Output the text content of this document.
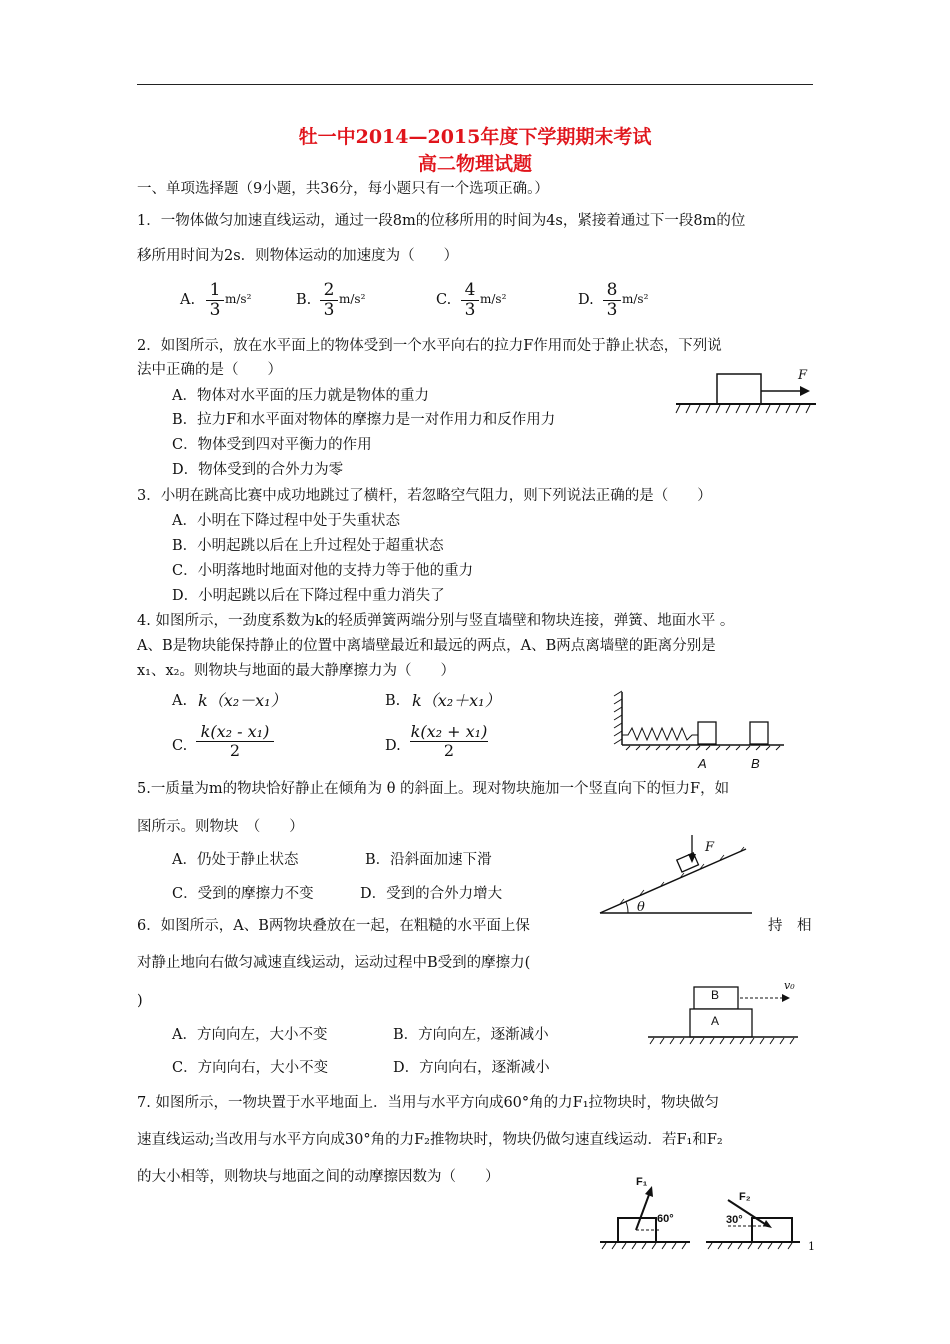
牡一中2014—2015年度下学期期末考试
高二物理试题
一、单项选择题（9小题，共36分，每小题只有一个选项正确。）
1．一物体做匀加速直线运动，通过一段8m的位移所用的时间为4s，紧接着通过下一段8m的位
移所用时间为2s．则物体运动的加速度为（　　）
A. $\frac{1}{3} m/s^2$	B. $\frac{2}{3} m/s^2$	C. $\frac{4}{3} m/s^2$	D. $\frac{8}{3} m/s^2$
2．如图所示，放在水平面上的物体受到一个水平向右的拉力F作用而处于静止状态，下列说
法中正确的是（　　）
A．物体对水平面的压力就是物体的重力
B．拉力F和水平面对物体的摩擦力是一对作用力和反作用力
C．物体受到四对平衡力的作用
D．物体受到的合外力为零
F
3．小明在跳高比赛中成功地跳过了横杆，若忽略空气阻力，则下列说法正确的是（　　）
A．小明在下降过程中处于失重状态
B．小明起跳以后在上升过程处于超重状态
C．小明落地时地面对他的支持力等于他的重力
D．小明起跳以后在下降过程中重力消失了
4. 如图所示，一劲度系数为k的轻质弹簧两端分别与竖直墙壁和物块连接，弹簧、地面水平 。
A、B是物块能保持静止的位置中离墙壁最近和最远的两点，A、B两点离墙壁的距离分别是
x₁、x₂。则物块与地面的最大静摩擦力为（　　）
A. k（x₂－x₁）	B. k（x₂＋x₁）
C. $\frac{\text{k(x₂ - x₁)}}{2}$	D. $\frac{\text{k(x₂ + x₁)}}{2}$
A	B
5.一质量为m的物块恰好静止在倾角为 θ 的斜面上。现对物块施加一个竖直向下的恒力F，如
图所示。则物块　（　　）
A．仍处于静止状态	B．沿斜面加速下滑
C．受到的摩擦力不变	D．受到的合外力增大
F
θ
6．如图所示，A、B两物块叠放在一起，在粗糙的水平面上保	持　相
对静止地向右做匀减速直线运动，运动过程中B受到的摩擦力(
)
A．方向向左，大小不变	B．方向向左，逐渐减小
C．方向向右，大小不变	D．方向向右，逐渐减小
B
A
v₀
7. 如图所示，一物块置于水平地面上．当用与水平方向成60°角的力F₁拉物块时，物块做匀
速直线运动;当改用与水平方向成30°角的力F₂推物块时，物块仍做匀速直线运动．若F₁和F₂
的大小相等，则物块与地面之间的动摩擦因数为（　　）	F₁
60°
F₂
30°
1
